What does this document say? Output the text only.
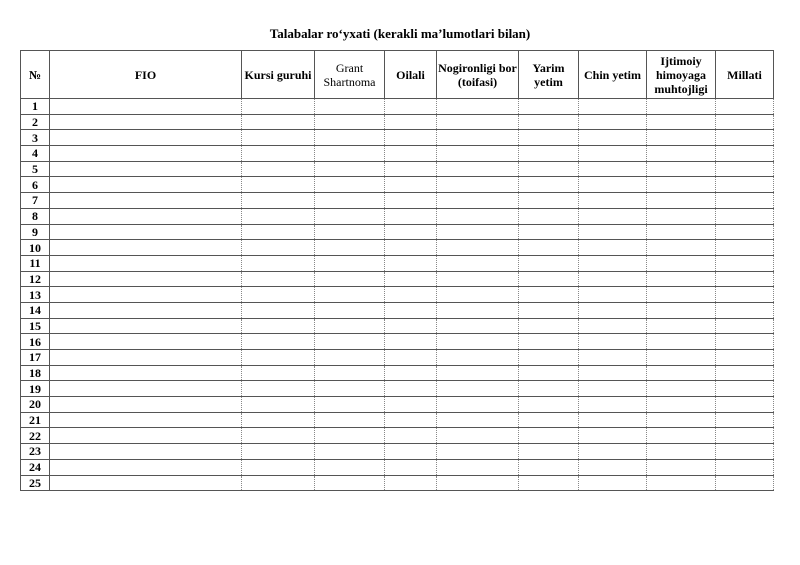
Talabalar ro‘yxati (kerakli ma’lumotlari bilan)
№	FIO	Kursi guruhi	Grant Shartnoma	Oilali	Nogironligi bor (toifasi)	Yarim yetim	Chin yetim	Ijtimoiy himoyaga muhtojligi	Millati
1									
2									
3									
4									
5									
6									
7									
8									
9									
10									
11									
12									
13									
14									
15									
16									
17									
18									
19									
20									
21									
22									
23									
24									
25									
